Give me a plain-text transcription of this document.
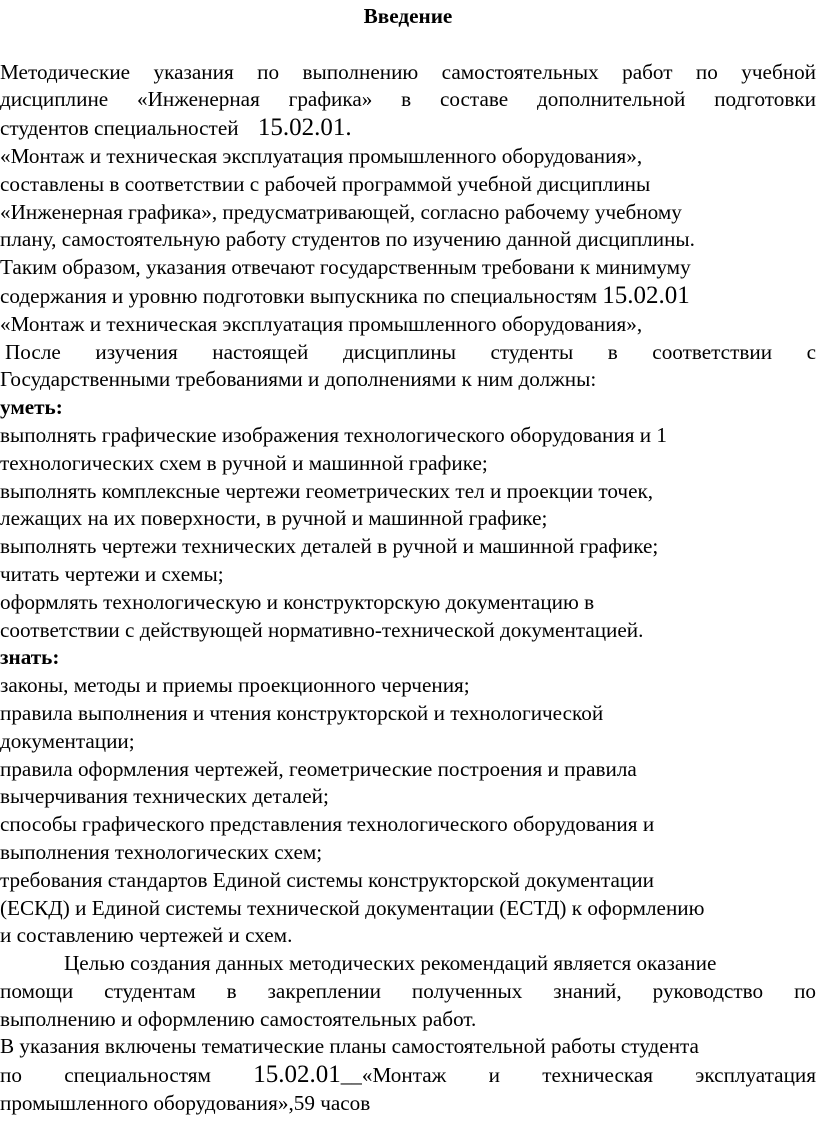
Введение
Методические указания по выполнению самостоятельных работ по учебной
дисциплине «Инженерная графика» в составе дополнительной подготовки
студентов специальностей 15.02.01.
«Монтаж и техническая эксплуатация промышленного оборудования»,
составлены в соответствии с рабочей программой учебной дисциплины
«Инженерная графика», предусматривающей, согласно рабочему учебному
плану, самостоятельную работу студентов по изучению данной дисциплины.
Таким образом, указания отвечают государственным требовани к минимуму
содержания и уровню подготовки выпускника по специальностям 15.02.01
«Монтаж и техническая эксплуатация промышленного оборудования»,
После изучения настоящей дисциплины студенты в соответствии с
Государственными требованиями и дополнениями к ним должны:
уметь:
выполнять графические изображения технологического оборудования и 1
технологических схем в ручной и машинной графике;
выполнять комплексные чертежи геометрических тел и проекции точек,
лежащих на их поверхности, в ручной и машинной графике;
выполнять чертежи технических деталей в ручной и машинной графике;
читать чертежи и схемы;
оформлять технологическую и конструкторскую документацию в
соответствии с действующей нормативно-технической документацией.
знать:
законы, методы и приемы проекционного черчения;
правила выполнения и чтения конструкторской и технологической
документации;
правила оформления чертежей, геометрические построения и правила
вычерчивания технических деталей;
способы графического представления технологического оборудования и
выполнения технологических схем;
требования стандартов Единой системы конструкторской документации
(ЕСКД) и Единой системы технической документации (ЕСТД) к оформлению
и составлению чертежей и схем.
Целью создания данных методических рекомендаций является оказание
помощи студентам в закреплении полученных знаний, руководство по
выполнению и оформлению самостоятельных работ.
В указания включены тематические планы самостоятельной работы студента
по специальностям 15.02.01__«Монтаж и техническая эксплуатация
промышленного оборудования»,59 часов
